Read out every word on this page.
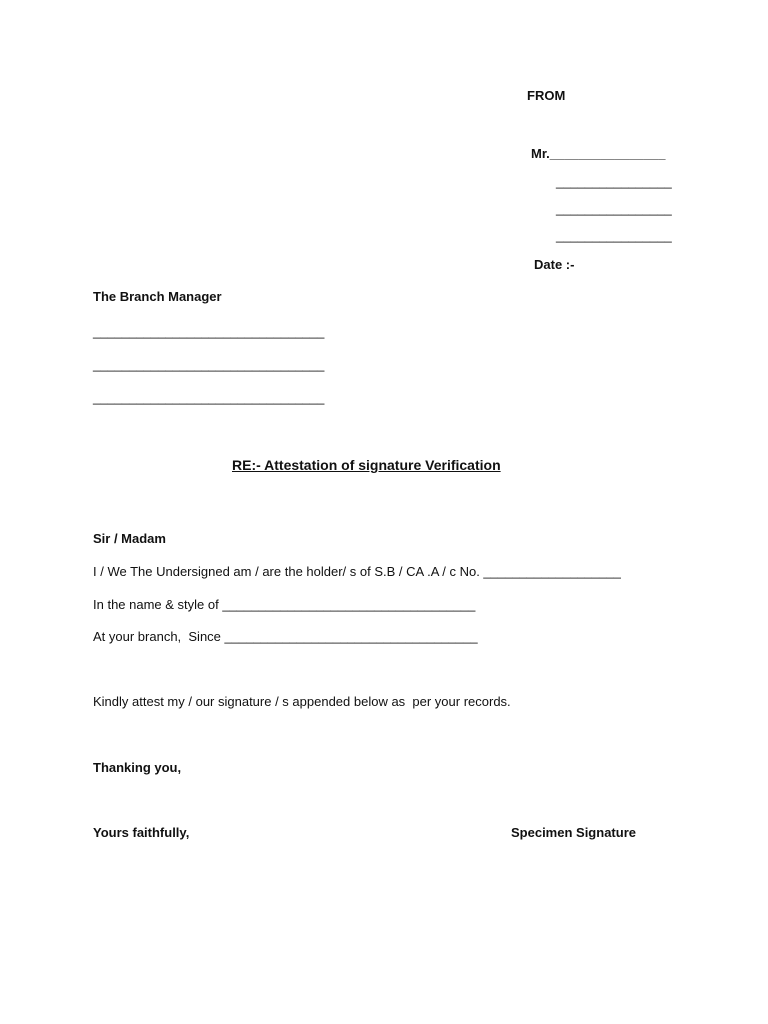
FROM
Mr.________________
________________
________________
________________
Date :-
The Branch Manager
________________________________
________________________________
________________________________
RE:- Attestation of signature Verification
Sir / Madam
I / We The Undersigned am / are the holder/ s of S.B / CA .A / c No. ___________________
In the name & style of ___________________________________
At your branch,  Since ___________________________________
Kindly attest my / our signature / s appended below as  per your records.
Thanking you,
Yours faithfully,	Specimen Signature
